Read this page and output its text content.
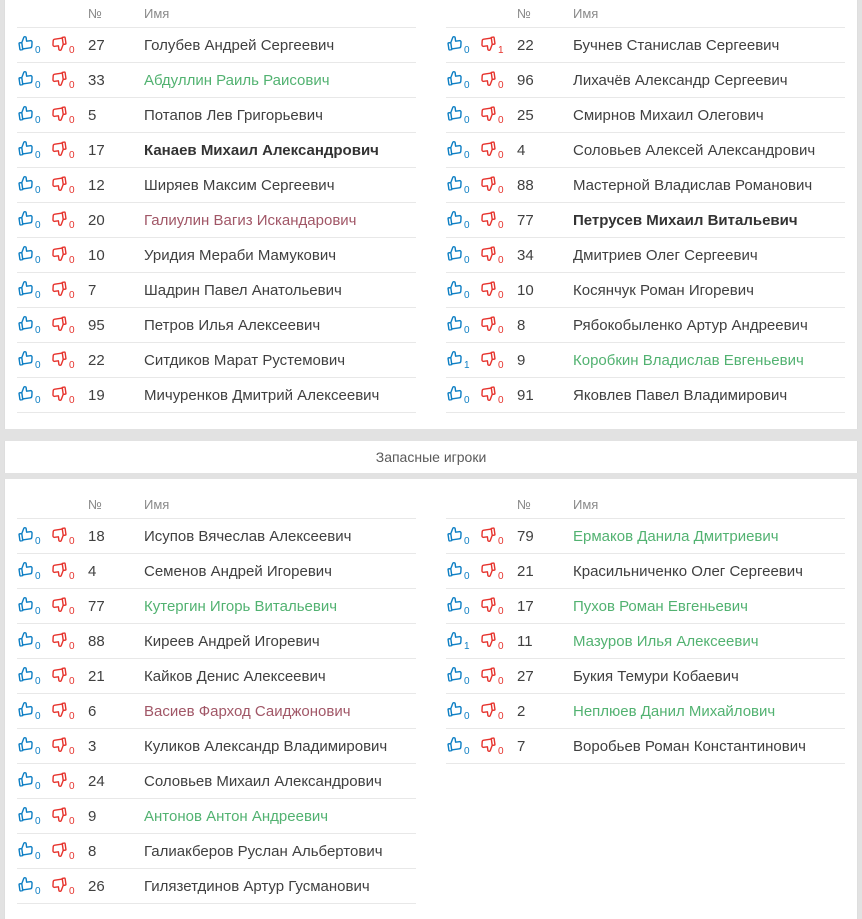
		№	Имя

0	0	27	Голубев Андрей Сергеевич

0	0	33	Абдуллин Раиль Раисович

0	0	5	Потапов Лев Григорьевич

0	0	17	Канаев Михаил Александрович

0	0	12	Ширяев Максим Сергеевич

0	0	20	Галиулин Вагиз Искандарович

0	0	10	Уридия Мераби Мамукович

0	0	7	Шадрин Павел Анатольевич

0	0	95	Петров Илья Алексеевич

0	0	22	Ситдиков Марат Рустемович

0	0	19	Мичуренков Дмитрий Алексеевич
		№	Имя

0	1	22	Бучнев Станислав Сергеевич

0	0	96	Лихачёв Александр Сергеевич

0	0	25	Смирнов Михаил Олегович

0	0	4	Соловьев Алексей Александрович

0	0	88	Мастерной Владислав Романович

0	0	77	Петрусев Михаил Витальевич

0	0	34	Дмитриев Олег Сергеевич

0	0	10	Косянчук Роман Игоревич

0	0	8	Рябокобыленко Артур Андреевич

1	0	9	Коробкин Владислав Евгеньевич

0	0	91	Яковлев Павел Владимирович
Запасные игроки
		№	Имя

0	0	18	Исупов Вячеслав Алексеевич

0	0	4	Семенов Андрей Игоревич

0	0	77	Кутергин Игорь Витальевич

0	0	88	Киреев Андрей Игоревич

0	0	21	Кайков Денис Алексеевич

0	0	6	Васиев Фарход Саиджонович

0	0	3	Куликов Александр Владимирович

0	0	24	Соловьев Михаил Александрович

0	0	9	Антонов Антон Андреевич

0	0	8	Галиакберов Руслан Альбертович

0	0	26	Гилязетдинов Артур Гусманович
		№	Имя

0	0	79	Ермаков Данила Дмитриевич

0	0	21	Красильниченко Олег Сергеевич

0	0	17	Пухов Роман Евгеньевич

1	0	11	Мазуров Илья Алексеевич

0	0	27	Букия Темури Кобаевич

0	0	2	Неплюев Данил Михайлович

0	0	7	Воробьев Роман Константинович
